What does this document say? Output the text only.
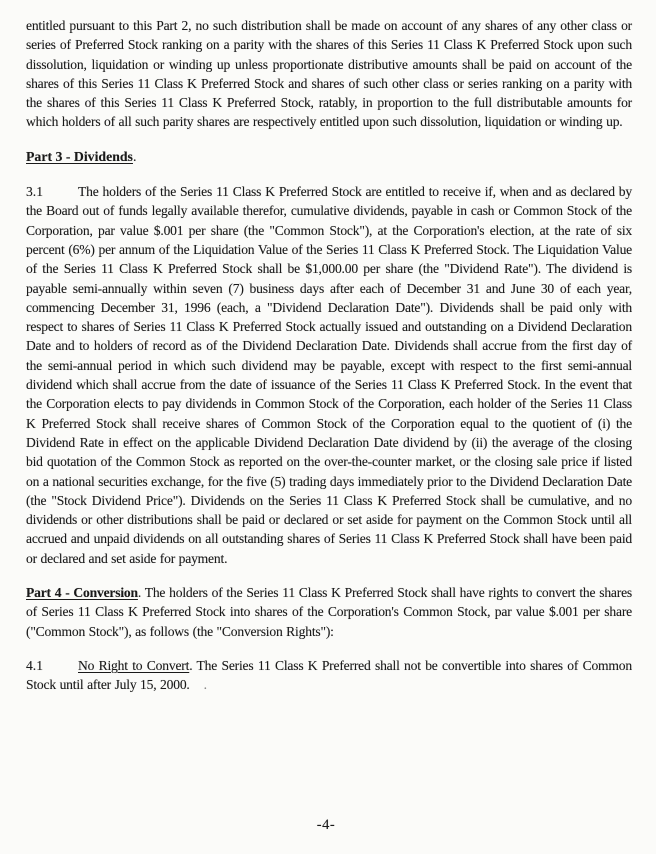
entitled pursuant to this Part 2, no such distribution shall be made on account of any shares of any other class or series of Preferred Stock ranking on a parity with the shares of this Series 11 Class K Preferred Stock upon such dissolution, liquidation or winding up unless proportionate distributive amounts shall be paid on account of the shares of this Series 11 Class K Preferred Stock and shares of such other class or series ranking on a parity with the shares of this Series 11 Class K Preferred Stock, ratably, in proportion to the full distributable amounts for which holders of all such parity shares are respectively entitled upon such dissolution, liquidation or winding up.

Part 3 - Dividends.

3.1	The holders of the Series 11 Class K Preferred Stock are entitled to receive if, when and as declared by the Board out of funds legally available therefor, cumulative dividends, payable in cash or Common Stock of the Corporation, par value $.001 per share (the "Common Stock"), at the Corporation's election, at the rate of six percent (6%) per annum of the Liquidation Value of the Series 11 Class K Preferred Stock. The Liquidation Value of the Series 11 Class K Preferred Stock shall be $1,000.00 per share (the "Dividend Rate"). The dividend is payable semi-annually within seven (7) business days after each of December 31 and June 30 of each year, commencing December 31, 1996 (each, a "Dividend Declaration Date"). Dividends shall be paid only with respect to shares of Series 11 Class K Preferred Stock actually issued and outstanding on a Dividend Declaration Date and to holders of record as of the Dividend Declaration Date. Dividends shall accrue from the first day of the semi-annual period in which such dividend may be payable, except with respect to the first semi-annual dividend which shall accrue from the date of issuance of the Series 11 Class K Preferred Stock. In the event that the Corporation elects to pay dividends in Common Stock of the Corporation, each holder of the Series 11 Class K Preferred Stock shall receive shares of Common Stock of the Corporation equal to the quotient of (i) the Dividend Rate in effect on the applicable Dividend Declaration Date dividend by (ii) the average of the closing bid quotation of the Common Stock as reported on the over-the-counter market, or the closing sale price if listed on a national securities exchange, for the five (5) trading days immediately prior to the Dividend Declaration Date (the "Stock Dividend Price"). Dividends on the Series 11 Class K Preferred Stock shall be cumulative, and no dividends or other distributions shall be paid or declared or set aside for payment on the Common Stock until all accrued and unpaid dividends on all outstanding shares of Series 11 Class K Preferred Stock shall have been paid or declared and set aside for payment.

Part 4 - Conversion. The holders of the Series 11 Class K Preferred Stock shall have rights to convert the shares of Series 11 Class K Preferred Stock into shares of the Corporation's Common Stock, par value $.001 per share ("Common Stock"), as follows (the "Conversion Rights"):

4.1	No Right to Convert. The Series 11 Class K Preferred shall not be convertible into shares of Common Stock until after July 15, 2000. .

-4-
